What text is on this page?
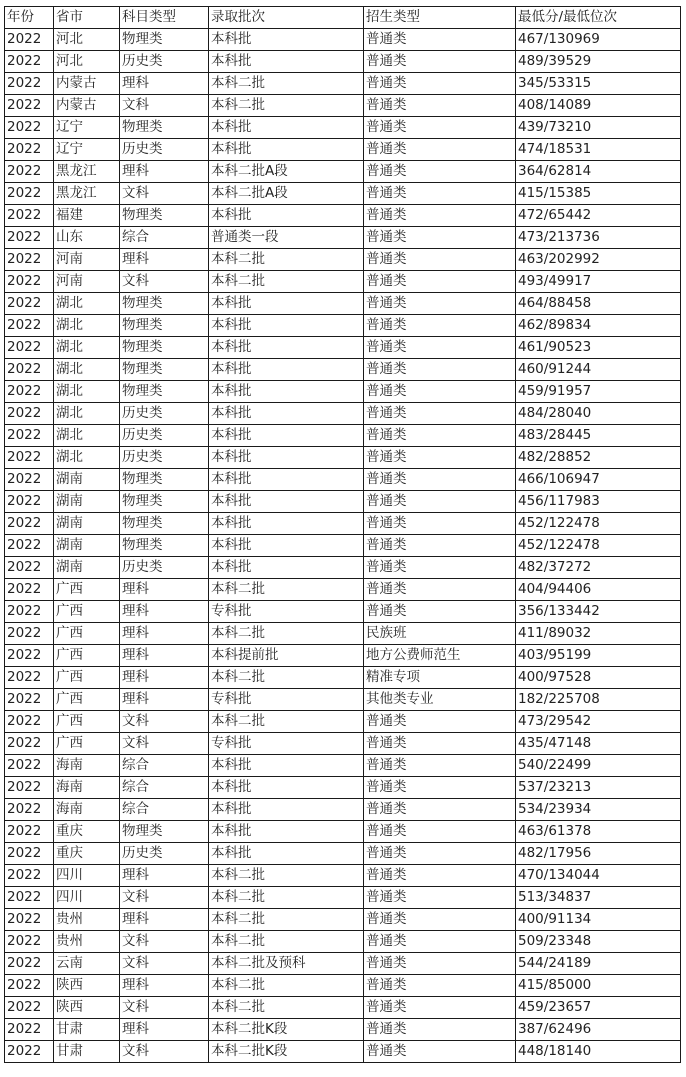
年份	省市	科目类型	录取批次	招生类型	最低分/最低位次
2022	河北	物理类	本科批	普通类	467/130969
2022	河北	历史类	本科批	普通类	489/39529
2022	内蒙古	理科	本科二批	普通类	345/53315
2022	内蒙古	文科	本科二批	普通类	408/14089
2022	辽宁	物理类	本科批	普通类	439/73210
2022	辽宁	历史类	本科批	普通类	474/18531
2022	黑龙江	理科	本科二批A段	普通类	364/62814
2022	黑龙江	文科	本科二批A段	普通类	415/15385
2022	福建	物理类	本科批	普通类	472/65442
2022	山东	综合	普通类一段	普通类	473/213736
2022	河南	理科	本科二批	普通类	463/202992
2022	河南	文科	本科二批	普通类	493/49917
2022	湖北	物理类	本科批	普通类	464/88458
2022	湖北	物理类	本科批	普通类	462/89834
2022	湖北	物理类	本科批	普通类	461/90523
2022	湖北	物理类	本科批	普通类	460/91244
2022	湖北	物理类	本科批	普通类	459/91957
2022	湖北	历史类	本科批	普通类	484/28040
2022	湖北	历史类	本科批	普通类	483/28445
2022	湖北	历史类	本科批	普通类	482/28852
2022	湖南	物理类	本科批	普通类	466/106947
2022	湖南	物理类	本科批	普通类	456/117983
2022	湖南	物理类	本科批	普通类	452/122478
2022	湖南	物理类	本科批	普通类	452/122478
2022	湖南	历史类	本科批	普通类	482/37272
2022	广西	理科	本科二批	普通类	404/94406
2022	广西	理科	专科批	普通类	356/133442
2022	广西	理科	本科二批	民族班	411/89032
2022	广西	理科	本科提前批	地方公费师范生	403/95199
2022	广西	理科	本科二批	精准专项	400/97528
2022	广西	理科	专科批	其他类专业	182/225708
2022	广西	文科	本科二批	普通类	473/29542
2022	广西	文科	专科批	普通类	435/47148
2022	海南	综合	本科批	普通类	540/22499
2022	海南	综合	本科批	普通类	537/23213
2022	海南	综合	本科批	普通类	534/23934
2022	重庆	物理类	本科批	普通类	463/61378
2022	重庆	历史类	本科批	普通类	482/17956
2022	四川	理科	本科二批	普通类	470/134044
2022	四川	文科	本科二批	普通类	513/34837
2022	贵州	理科	本科二批	普通类	400/91134
2022	贵州	文科	本科二批	普通类	509/23348
2022	云南	文科	本科二批及预科	普通类	544/24189
2022	陕西	理科	本科二批	普通类	415/85000
2022	陕西	文科	本科二批	普通类	459/23657
2022	甘肃	理科	本科二批K段	普通类	387/62496
2022	甘肃	文科	本科二批K段	普通类	448/18140
